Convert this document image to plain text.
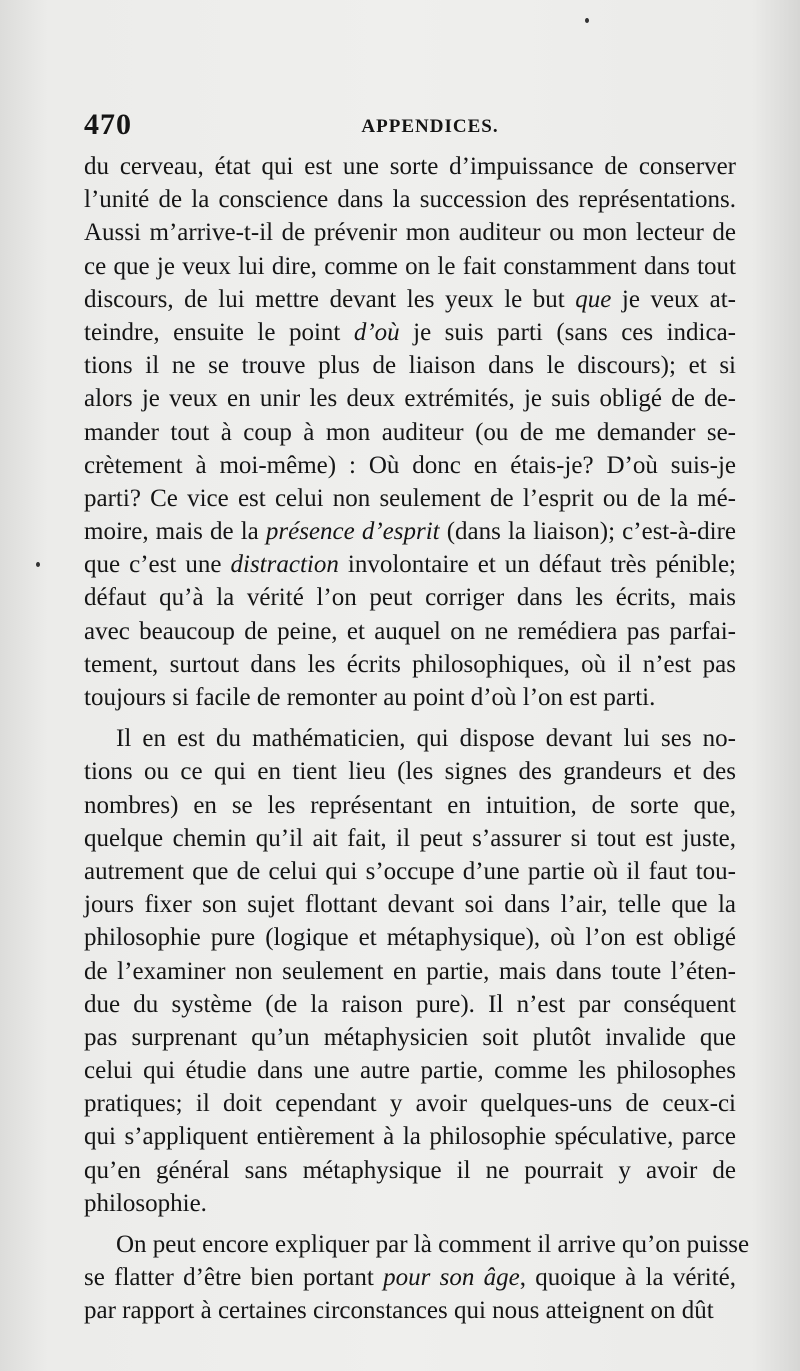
470	APPENDICES.
du cerveau, état qui est une sorte d’impuissance de conserver
l’unité de la conscience dans la succession des représentations.
Aussi m’arrive-t-il de prévenir mon auditeur ou mon lecteur de
ce que je veux lui dire, comme on le fait constamment dans tout
discours, de lui mettre devant les yeux le but que je veux at-
teindre, ensuite le point d’où je suis parti (sans ces indica-
tions il ne se trouve plus de liaison dans le discours); et si
alors je veux en unir les deux extrémités, je suis obligé de de-
mander tout à coup à mon auditeur (ou de me demander se-
crètement à moi-même) : Où donc en étais-je? D’où suis-je
parti? Ce vice est celui non seulement de l’esprit ou de la mé-
moire, mais de la présence d’esprit (dans la liaison); c’est-à-dire
que c’est une distraction involontaire et un défaut très pénible;
défaut qu’à la vérité l’on peut corriger dans les écrits, mais
avec beaucoup de peine, et auquel on ne remédiera pas parfai-
tement, surtout dans les écrits philosophiques, où il n’est pas
toujours si facile de remonter au point d’où l’on est parti.
Il en est du mathématicien, qui dispose devant lui ses no-
tions ou ce qui en tient lieu (les signes des grandeurs et des
nombres) en se les représentant en intuition, de sorte que,
quelque chemin qu’il ait fait, il peut s’assurer si tout est juste,
autrement que de celui qui s’occupe d’une partie où il faut tou-
jours fixer son sujet flottant devant soi dans l’air, telle que la
philosophie pure (logique et métaphysique), où l’on est obligé
de l’examiner non seulement en partie, mais dans toute l’éten-
due du système (de la raison pure). Il n’est par conséquent
pas surprenant qu’un métaphysicien soit plutôt invalide que
celui qui étudie dans une autre partie, comme les philosophes
pratiques; il doit cependant y avoir quelques-uns de ceux-ci
qui s’appliquent entièrement à la philosophie spéculative, parce
qu’en général sans métaphysique il ne pourrait y avoir de
philosophie.
On peut encore expliquer par là comment il arrive qu’on puisse
se flatter d’être bien portant pour son âge, quoique à la vérité,
par rapport à certaines circonstances qui nous atteignent on dût
